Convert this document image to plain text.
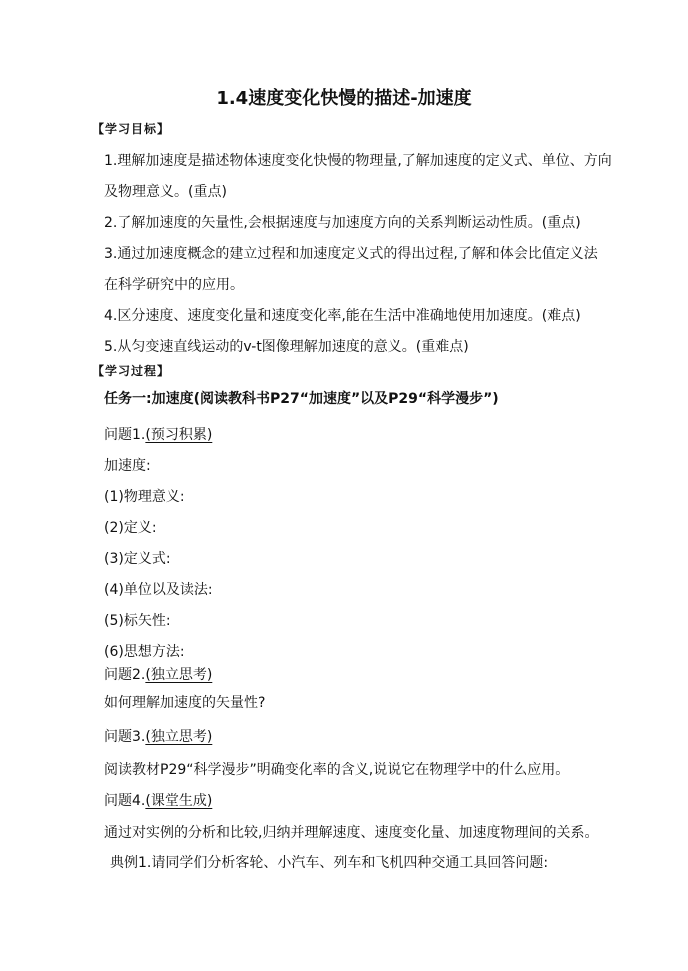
1.4速度变化快慢的描述-加速度
【学习目标】
1.理解加速度是描述物体速度变化快慢的物理量,了解加速度的定义式、单位、方向
及物理意义。(重点)
2.了解加速度的矢量性,会根据速度与加速度方向的关系判断运动性质。(重点)
3.通过加速度概念的建立过程和加速度定义式的得出过程,了解和体会比值定义法
在科学研究中的应用。
4.区分速度、速度变化量和速度变化率,能在生活中准确地使用加速度。(难点)
5.从匀变速直线运动的v-t图像理解加速度的意义。(重难点)
【学习过程】
任务一:加速度(阅读教科书P27“加速度”以及P29“科学漫步”)
问题1.(预习积累)
加速度:
(1)物理意义:
(2)定义:
(3)定义式:
(4)单位以及读法:
(5)标矢性:
(6)思想方法:
问题2.(独立思考)
如何理解加速度的矢量性?
问题3.(独立思考)
阅读教材P29“科学漫步”明确变化率的含义,说说它在物理学中的什么应用。
问题4.(课堂生成)
通过对实例的分析和比较,归纳并理解速度、速度变化量、加速度物理间的关系。
典例1.请同学们分析客轮、小汽车、列车和飞机四种交通工具回答问题:
